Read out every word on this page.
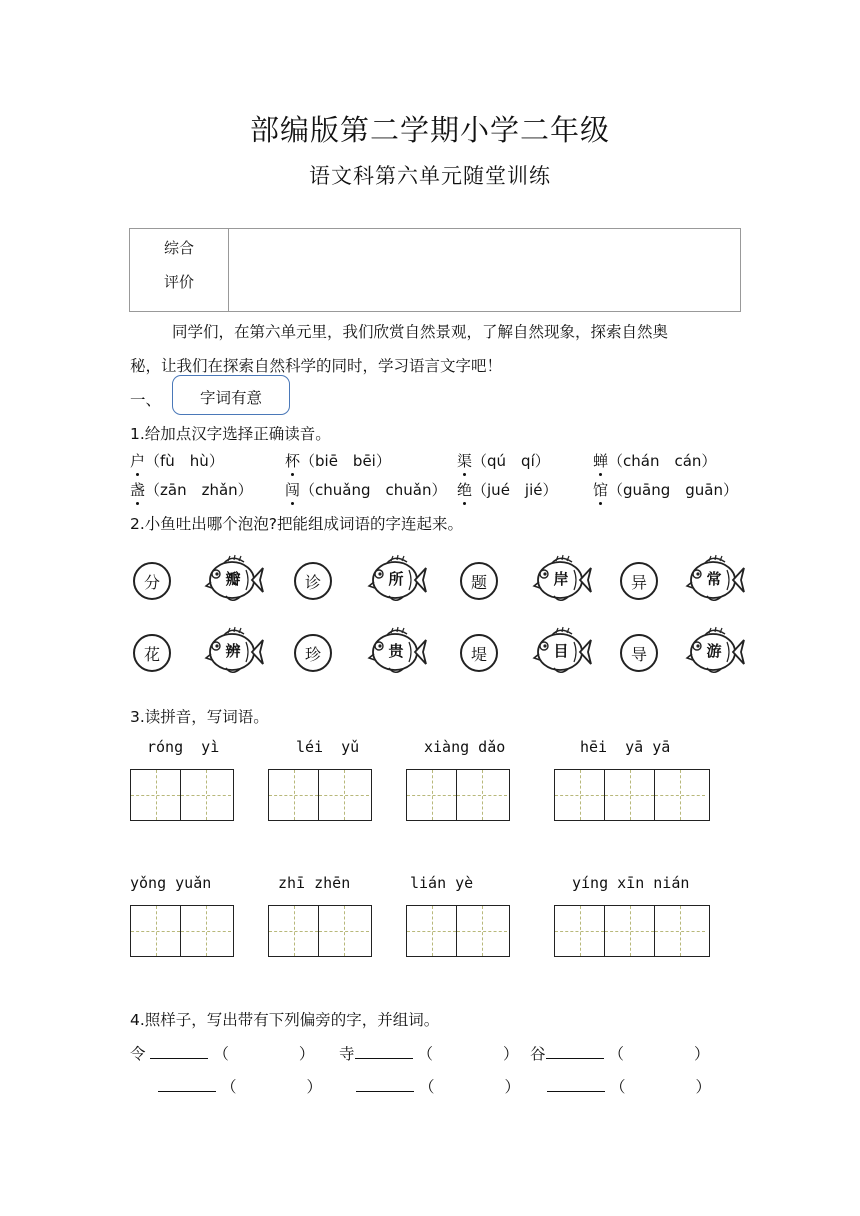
部编版第二学期小学二年级
语文科第六单元随堂训练
综合
评价
同学们，在第六单元里，我们欣赏自然景观，了解自然现象，探索自然奥
秘，让我们在探索自然科学的同时，学习语言文字吧！
一、	字词有意
1.给加点汉字选择正确读音。
户（fù　hù）	杯（biē　bēi）	渠（qú　qí）	蝉（chán　cán）
盏（zān　zhǎn） 闯（chuǎng　chuǎn） 绝（jué　jié） 馆（guāng　guān）
2.小鱼吐出哪个泡泡?把能组成词语的字连起来。
分	瓣	诊	所	题	岸	异	常
花	辨	珍	贵	堤	目	导	游
3.读拼音，写词语。
róng  yì	léi  yǔ	xiàng dǎo	hēi  yā yā
yǒng yuǎn	zhī zhēn	lián yè	yíng xīn nián
4.照样子，写出带有下列偏旁的字，并组词。
令	（	） 寺	（	） 谷	（	）
（	）	（	）	（	）
